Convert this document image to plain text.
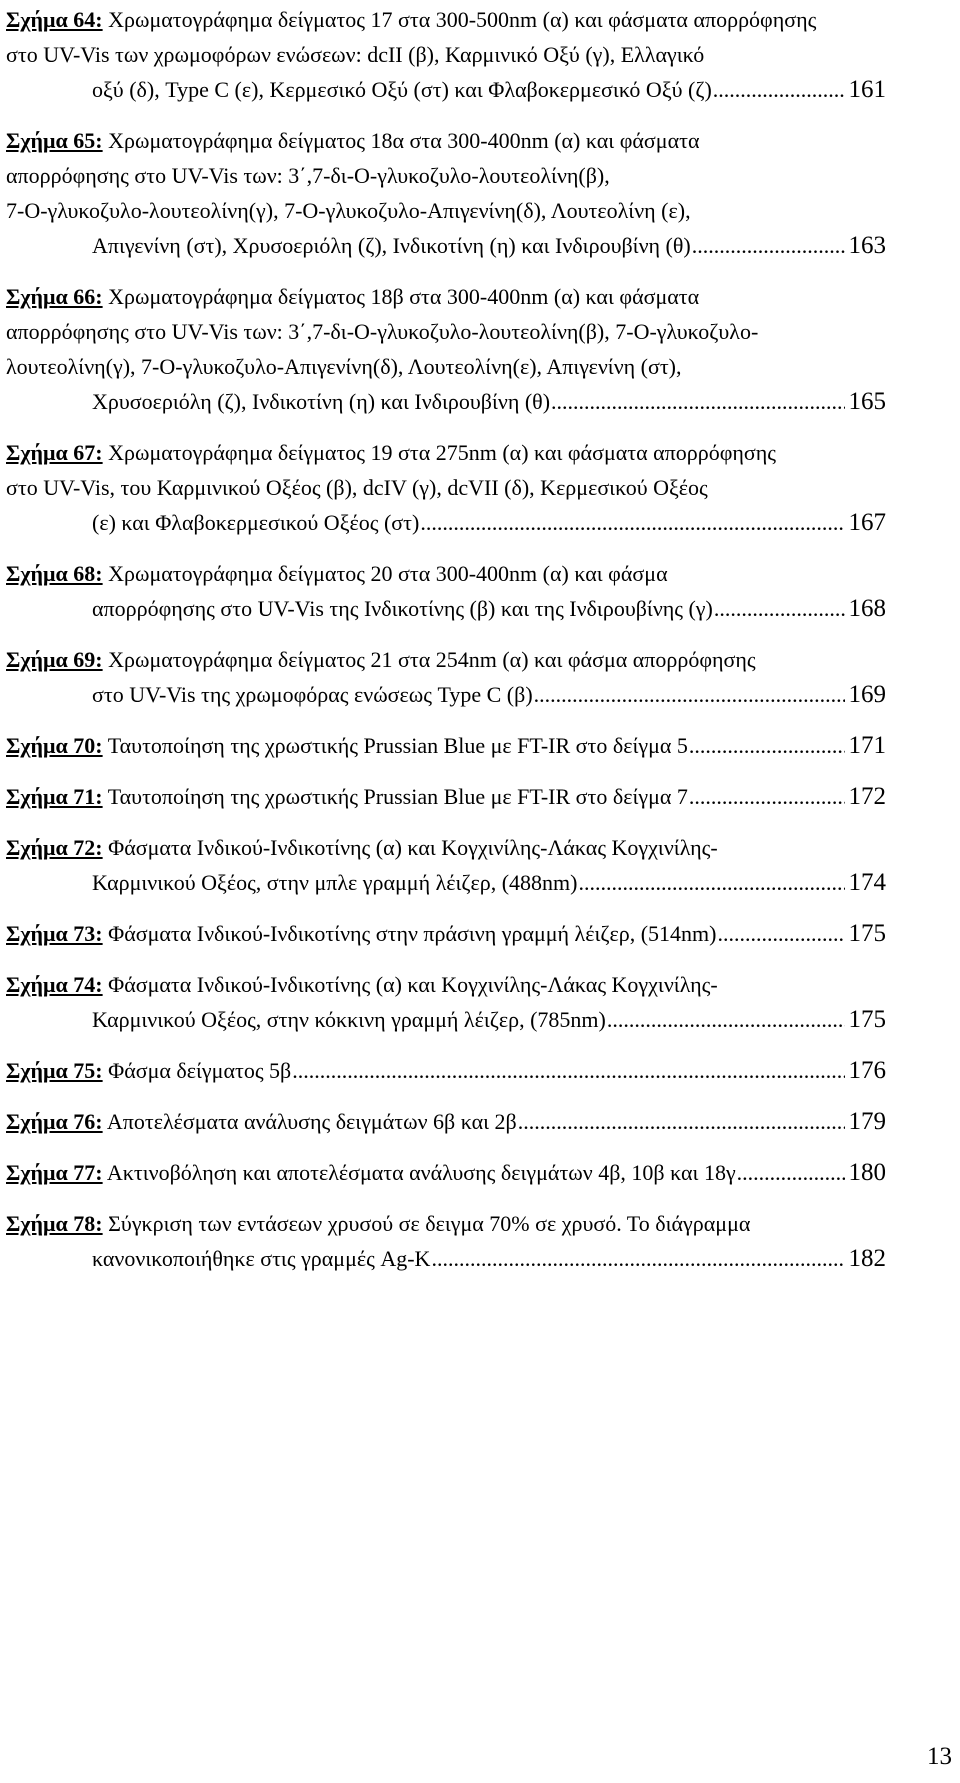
Σχήμα 64: Χρωματογράφημα δείγματος 17 στα 300-500nm (α) και φάσματα απορρόφησης
στο UV-Vis των χρωμοφόρων ενώσεων: dcII (β), Καρμινικό Οξύ (γ), Ελλαγικό
οξύ (δ), Type C (ε), Κερμεσικό Οξύ (στ) και Φλαβοκερμεσικό Οξύ (ζ) .....	161
Σχήμα 65: Χρωματογράφημα δείγματος 18α στα 300-400nm (α) και φάσματα
απορρόφησης στο UV-Vis των: 3΄,7-δι-Ο-γλυκοζυλο-λουτεολίνη(β),
7-Ο-γλυκοζυλο-λουτεολίνη(γ), 7-Ο-γλυκοζυλο-Απιγενίνη(δ), Λουτεολίνη (ε),
Απιγενίνη (στ), Χρυσοεριόλη (ζ), Ινδικοτίνη (η) και Ινδιρουβίνη (θ) .....	163
Σχήμα 66: Χρωματογράφημα δείγματος 18β στα 300-400nm (α) και φάσματα
απορρόφησης στο UV-Vis των: 3΄,7-δι-Ο-γλυκοζυλο-λουτεολίνη(β), 7-Ο-γλυκοζυλο-
λουτεολίνη(γ), 7-Ο-γλυκοζυλο-Απιγενίνη(δ), Λουτεολίνη(ε), Απιγενίνη (στ),
Χρυσοεριόλη (ζ), Ινδικοτίνη (η) και Ινδιρουβίνη (θ) .....	165
Σχήμα 67: Χρωματογράφημα δείγματος 19 στα 275nm (α) και φάσματα απορρόφησης
στο UV-Vis, του Καρμινικού Οξέος (β), dcIV (γ), dcVII (δ), Κερμεσικού Οξέος
(ε) και Φλαβοκερμεσικού Οξέος (στ) .....	167
Σχήμα 68: Χρωματογράφημα δείγματος 20 στα 300-400nm (α) και φάσμα
απορρόφησης στο UV-Vis της Ινδικοτίνης (β) και της Ινδιρουβίνης (γ) .....	168
Σχήμα 69: Χρωματογράφημα δείγματος 21 στα 254nm (α) και φάσμα απορρόφησης
στο UV-Vis της χρωμοφόρας ενώσεως Type C (β) .....	169
Σχήμα 70: Ταυτοποίηση της χρωστικής Prussian Blue με FT-IR στο δείγμα 5 .....	171
Σχήμα 71: Ταυτοποίηση της χρωστικής Prussian Blue με FT-IR στο δείγμα 7 .....	172
Σχήμα 72: Φάσματα Ινδικού-Ινδικοτίνης (α) και Κογχινίλης-Λάκας Κογχινίλης-
Καρμινικού Οξέος, στην μπλε γραμμή λέιζερ, (488nm) .....	174
Σχήμα 73: Φάσματα Ινδικού-Ινδικοτίνης στην πράσινη γραμμή λέιζερ, (514nm) .....	175
Σχήμα 74: Φάσματα Ινδικού-Ινδικοτίνης (α) και Κογχινίλης-Λάκας Κογχινίλης-
Καρμινικού Οξέος, στην κόκκινη γραμμή λέιζερ, (785nm) .....	175
Σχήμα 75: Φάσμα δείγματος 5β .....	176
Σχήμα 76: Αποτελέσματα ανάλυσης δειγμάτων 6β και 2β .....	179
Σχήμα 77: Ακτινοβόληση και αποτελέσματα ανάλυσης δειγμάτων 4β, 10β και 18γ .....	180
Σχήμα 78: Σύγκριση των εντάσεων χρυσού σε δειγμα 70% σε χρυσό. Το διάγραμμα
κανονικοποιήθηκε στις γραμμές Ag-K .....	182
13
